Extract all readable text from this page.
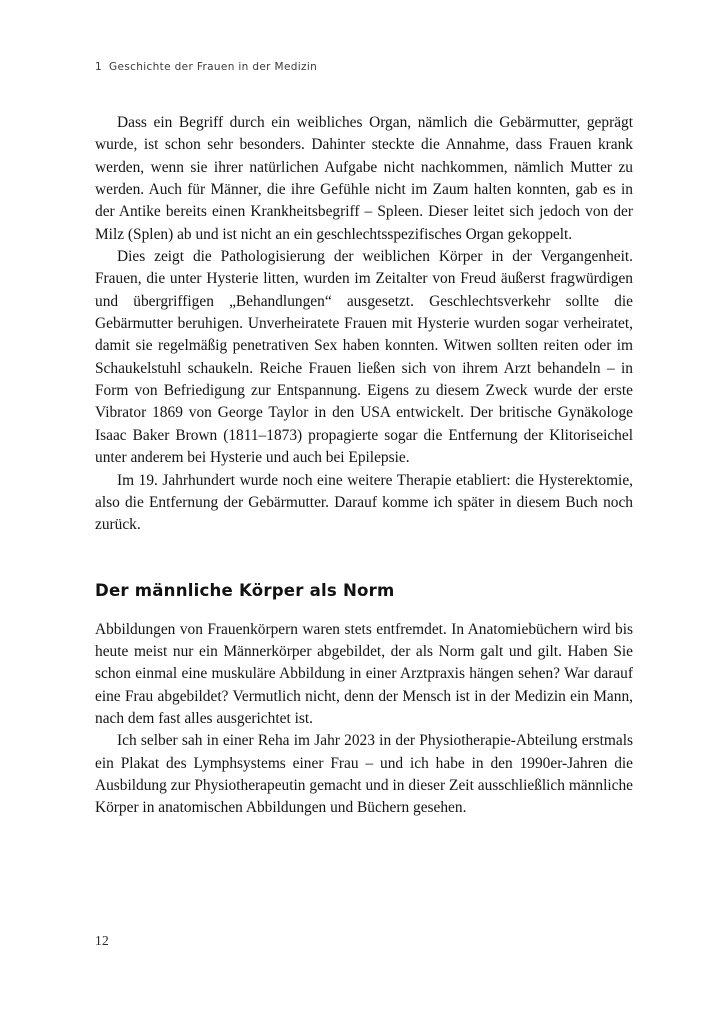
1 Geschichte der Frauen in der Medizin

Dass ein Begriff durch ein weibliches Organ, nämlich die Gebärmutter, geprägt wurde, ist schon sehr besonders. Dahinter steckte die Annahme, dass Frauen krank werden, wenn sie ihrer natürlichen Aufgabe nicht nachkommen, nämlich Mutter zu werden. Auch für Männer, die ihre Gefühle nicht im Zaum halten konnten, gab es in der Antike bereits einen Krankheitsbegriff – Spleen. Dieser leitet sich jedoch von der Milz (Splen) ab und ist nicht an ein geschlechtsspezifisches Organ gekoppelt.

Dies zeigt die Pathologisierung der weiblichen Körper in der Vergangenheit. Frauen, die unter Hysterie litten, wurden im Zeitalter von Freud äußerst fragwürdigen und übergriffigen „Behandlungen“ ausgesetzt. Geschlechtsverkehr sollte die Gebärmutter beruhigen. Unverheiratete Frauen mit Hysterie wurden sogar verheiratet, damit sie regelmäßig penetrativen Sex haben konnten. Witwen sollten reiten oder im Schaukelstuhl schaukeln. Reiche Frauen ließen sich von ihrem Arzt behandeln – in Form von Befriedigung zur Entspannung. Eigens zu diesem Zweck wurde der erste Vibrator 1869 von George Taylor in den USA entwickelt. Der britische Gynäkologe Isaac Baker Brown (1811–1873) propagierte sogar die Entfernung der Klitoriseichel unter anderem bei Hysterie und auch bei Epilepsie.

Im 19. Jahrhundert wurde noch eine weitere Therapie etabliert: die Hysterektomie, also die Entfernung der Gebärmutter. Darauf komme ich später in diesem Buch noch zurück.

Der männliche Körper als Norm

Abbildungen von Frauenkörpern waren stets entfremdet. In Anatomiebüchern wird bis heute meist nur ein Männerkörper abgebildet, der als Norm galt und gilt. Haben Sie schon einmal eine muskuläre Abbildung in einer Arztpraxis hängen sehen? War darauf eine Frau abgebildet? Vermutlich nicht, denn der Mensch ist in der Medizin ein Mann, nach dem fast alles ausgerichtet ist.

Ich selber sah in einer Reha im Jahr 2023 in der Physiotherapie-Abteilung erstmals ein Plakat des Lymphsystems einer Frau – und ich habe in den 1990er-Jahren die Ausbildung zur Physiotherapeutin gemacht und in dieser Zeit ausschließlich männliche Körper in anatomischen Abbildungen und Büchern gesehen.

12
